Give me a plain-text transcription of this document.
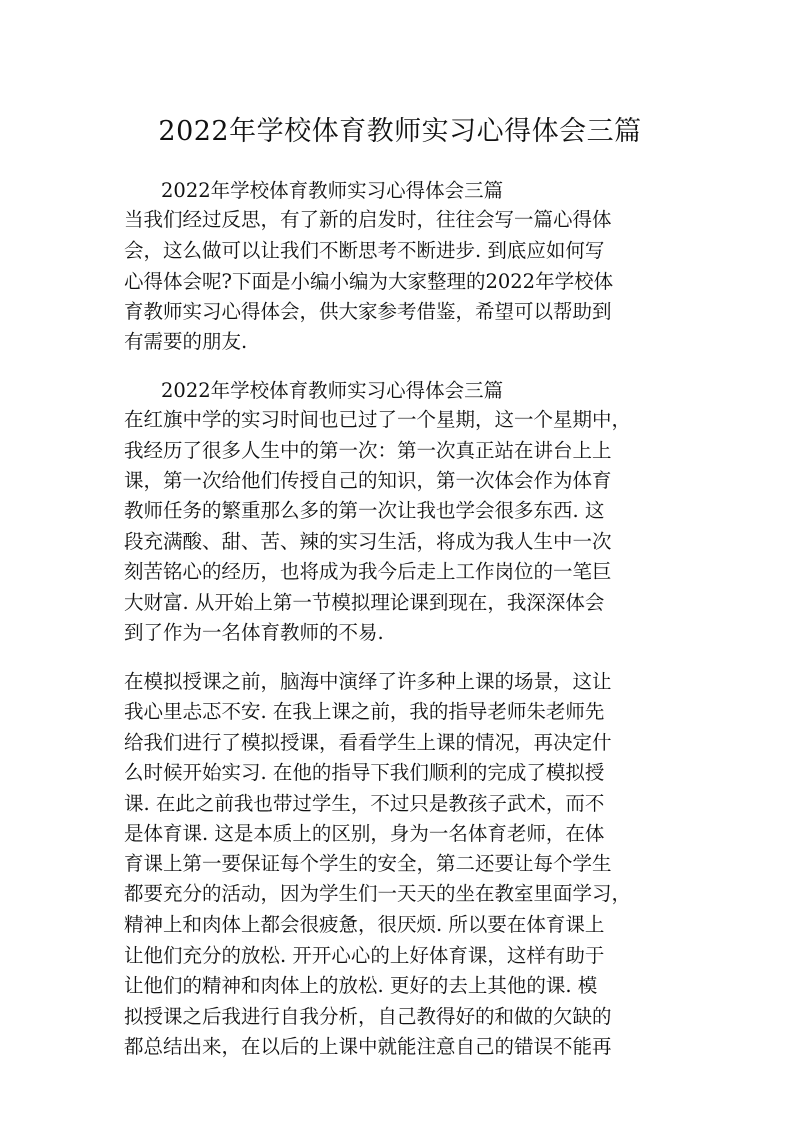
2022年学校体育教师实习心得体会三篇

2022年学校体育教师实习心得体会三篇

当我们经过反思，有了新的启发时，往往会写一篇心得体

会，这么做可以让我们不断思考不断进步. 到底应如何写

心得体会呢?下面是小编小编为大家整理的2022年学校体

育教师实习心得体会，供大家参考借鉴，希望可以帮助到

有需要的朋友.

2022年学校体育教师实习心得体会三篇

在红旗中学的实习时间也已过了一个星期，这一个星期中，

我经历了很多人生中的第一次：第一次真正站在讲台上上

课，第一次给他们传授自己的知识，第一次体会作为体育

教师任务的繁重那么多的第一次让我也学会很多东西. 这

段充满酸、甜、苦、辣的实习生活，将成为我人生中一次

刻苦铭心的经历，也将成为我今后走上工作岗位的一笔巨

大财富. 从开始上第一节模拟理论课到现在，我深深体会

到了作为一名体育教师的不易.

在模拟授课之前，脑海中演绎了许多种上课的场景，这让

我心里忐忑不安. 在我上课之前，我的指导老师朱老师先

给我们进行了模拟授课，看看学生上课的情况，再决定什

么时候开始实习. 在他的指导下我们顺利的完成了模拟授

课. 在此之前我也带过学生，不过只是教孩子武术，而不

是体育课. 这是本质上的区别，身为一名体育老师，在体

育课上第一要保证每个学生的安全，第二还要让每个学生

都要充分的活动，因为学生们一天天的坐在教室里面学习，

精神上和肉体上都会很疲惫，很厌烦. 所以要在体育课上

让他们充分的放松. 开开心心的上好体育课，这样有助于

让他们的精神和肉体上的放松. 更好的去上其他的课. 模

拟授课之后我进行自我分析，自己教得好的和做的欠缺的

都总结出来，在以后的上课中就能注意自己的错误不能再
